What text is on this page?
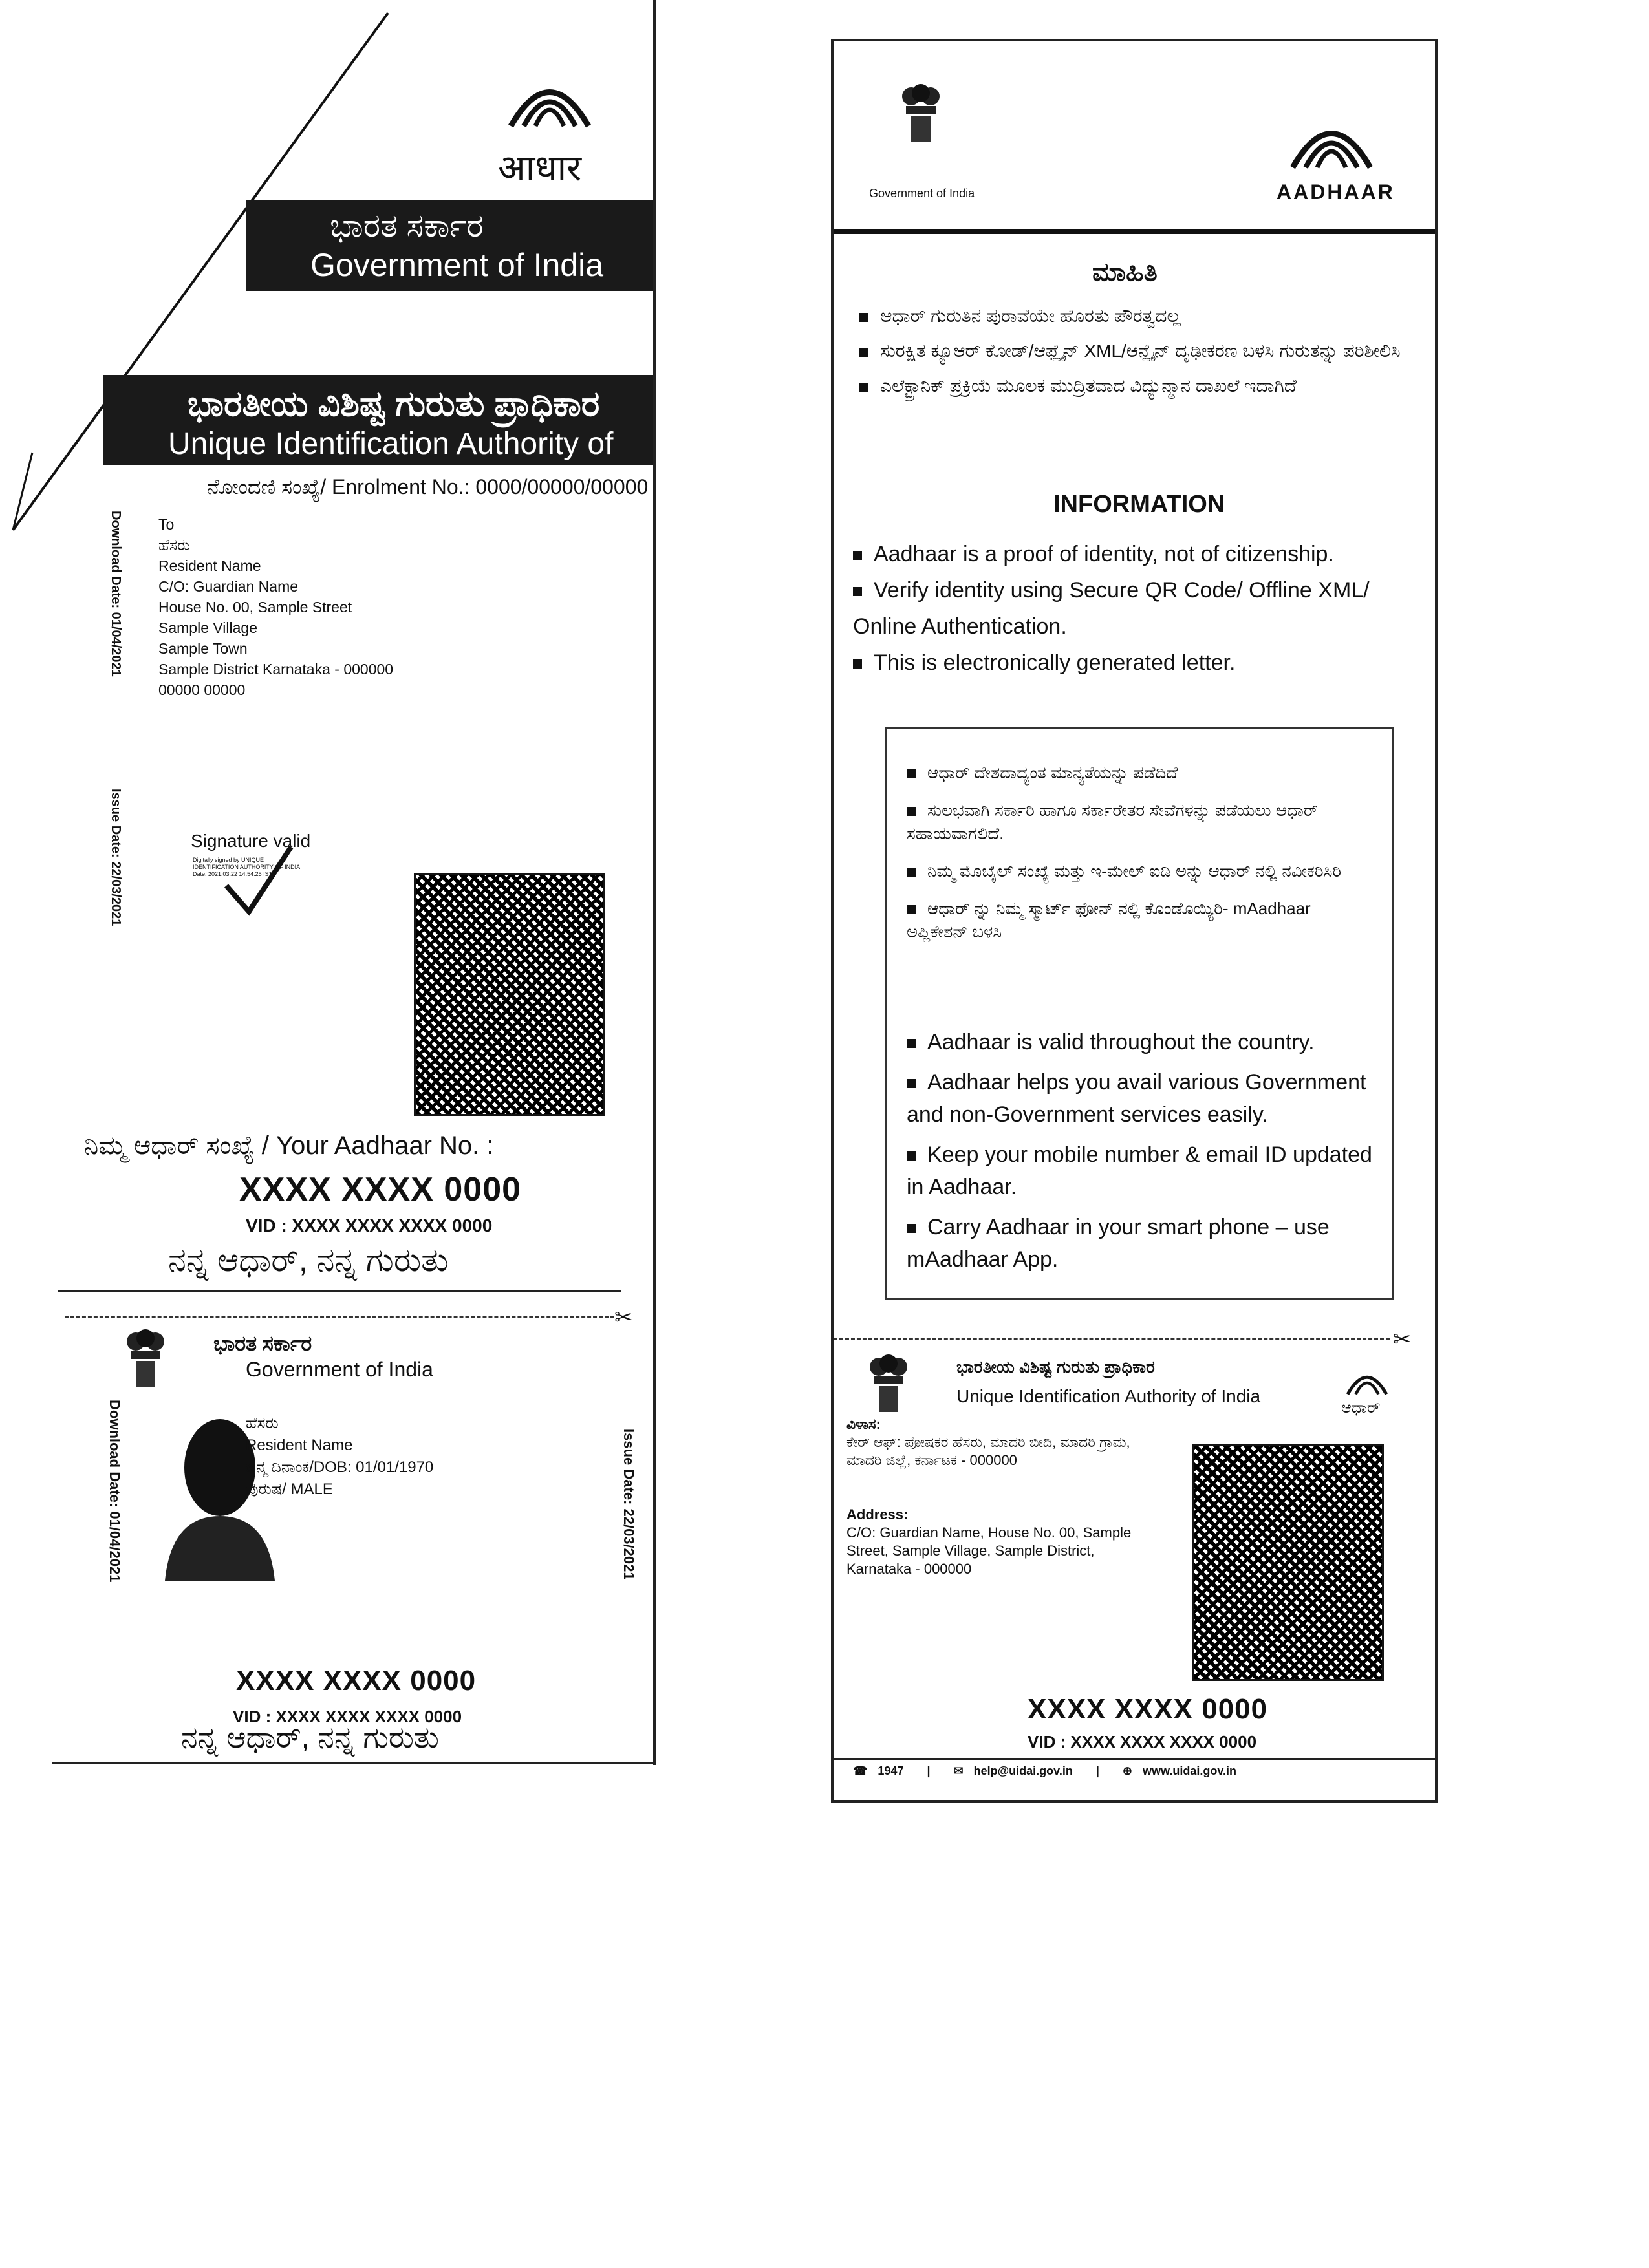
आधार
ಭಾರತ ಸರ್ಕಾರ
Government of India
ಭಾರತೀಯ ವಿಶಿಷ್ಟ ಗುರುತು ಪ್ರಾಧಿಕಾರ
Unique Identification Authority of India
ನೋಂದಣಿ ಸಂಖ್ಯೆ/ Enrolment No.: 0000/00000/00000
Download Date: 01/04/2021
Issue Date: 22/03/2021
To
ಹೆಸರು
Resident Name
C/O: Guardian Name
House No. 00, Sample Street
Sample Village
Sample Town
Sample District Karnataka - 000000
00000 00000
Signature valid
Digitally signed by UNIQUE IDENTIFICATION AUTHORITY OF INDIA Date: 2021.03.22 14:54:25 IST
ನಿಮ್ಮ ಆಧಾರ್ ಸಂಖ್ಯೆ / Your Aadhaar No. :
XXXX XXXX 0000
VID : XXXX XXXX XXXX 0000
ನನ್ನ ಆಧಾರ್, ನನ್ನ ಗುರುತು
✂
ಭಾರತ ಸರ್ಕಾರ
Government of India
Download Date: 01/04/2021	Issue Date: 22/03/2021
ಹೆಸರು
Resident Name
ಜನ್ಮ ದಿನಾಂಕ/DOB: 01/01/1970
ಪುರುಷ/ MALE
XXXX XXXX 0000
VID : XXXX XXXX XXXX 0000
ನನ್ನ ಆಧಾರ್, ನನ್ನ ಗುರುತು
Government of India	AADHAAR
ಮಾಹಿತಿ
ಆಧಾರ್ ಗುರುತಿನ ಪುರಾವೆಯೇ ಹೊರತು ಪೌರತ್ವದಲ್ಲ
ಸುರಕ್ಷಿತ ಕ್ಯೂಆರ್ ಕೋಡ್/ಆಫ್ಲೈನ್ XML/ಆನ್ಲೈನ್ ದೃಢೀಕರಣ ಬಳಸಿ ಗುರುತನ್ನು ಪರಿಶೀಲಿಸಿ
ಎಲೆಕ್ಟ್ರಾನಿಕ್ ಪ್ರಕ್ರಿಯೆ ಮೂಲಕ ಮುದ್ರಿತವಾದ ವಿದ್ಯುನ್ಮಾನ ದಾಖಲೆ ಇದಾಗಿದೆ
INFORMATION
Aadhaar is a proof of identity, not of citizenship.
Verify identity using Secure QR Code/ Offline XML/ Online Authentication.
This is electronically generated letter.
ಆಧಾರ್ ದೇಶದಾದ್ಯಂತ ಮಾನ್ಯತೆಯನ್ನು ಪಡೆದಿದೆ
ಸುಲಭವಾಗಿ ಸರ್ಕಾರಿ ಹಾಗೂ ಸರ್ಕಾರೇತರ ಸೇವೆಗಳನ್ನು ಪಡೆಯಲು ಆಧಾರ್ ಸಹಾಯವಾಗಲಿದೆ.
ನಿಮ್ಮ ಮೊಬೈಲ್ ಸಂಖ್ಯೆ ಮತ್ತು ಇ-ಮೇಲ್ ಐಡಿ ಅನ್ನು ಆಧಾರ್ ನಲ್ಲಿ ನವೀಕರಿಸಿರಿ
ಆಧಾರ್ ನ್ನು ನಿಮ್ಮ ಸ್ಮಾರ್ಟ್ ಫೋನ್ ನಲ್ಲಿ ಕೊಂಡೊಯ್ಯಿರಿ- mAadhaar ಅಪ್ಲಿಕೇಶನ್ ಬಳಸಿ
Aadhaar is valid throughout the country.
Aadhaar helps you avail various Government and non-Government services easily.
Keep your mobile number & email ID updated in Aadhaar.
Carry Aadhaar in your smart phone – use mAadhaar App.
✂
ಭಾರತೀಯ ವಿಶಿಷ್ಟ ಗುರುತು ಪ್ರಾಧಿಕಾರ
Unique Identification Authority of India
ಆಧಾರ್
ವಿಳಾಸ:
ಕೇರ್ ಆಫ್: ಪೋಷಕರ ಹೆಸರು, ಮಾದರಿ ಬೀದಿ, ಮಾದರಿ ಗ್ರಾಮ, ಮಾದರಿ ಜಿಲ್ಲೆ, ಕರ್ನಾಟಕ - 000000
Address:
C/O: Guardian Name, House No. 00, Sample Street, Sample Village, Sample District, Karnataka - 000000
XXXX XXXX 0000
VID : XXXX XXXX XXXX 0000
☎ 1947 | ✉ help@uidai.gov.in | ⊕ www.uidai.gov.in
